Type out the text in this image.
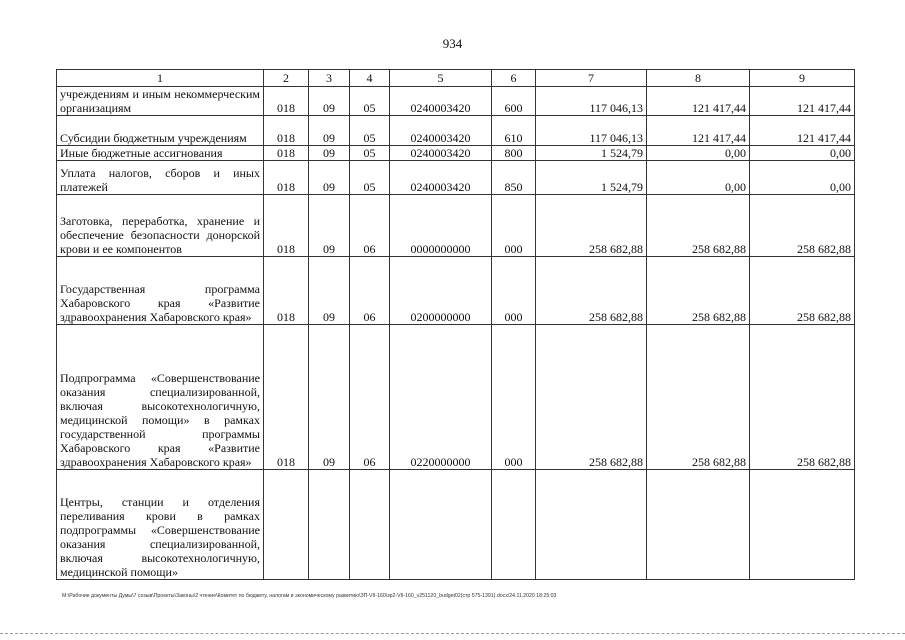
934
1	2	3	4	5	6	7	8	9
учреждениям и иным некоммерческим организациям	018	09	05	0240003420	600	117 046,13	121 417,44	121 417,44
Субсидии бюджетным учреждениям	018	09	05	0240003420	610	117 046,13	121 417,44	121 417,44
Иные бюджетные ассигнования	018	09	05	0240003420	800	1 524,79	0,00	0,00
Уплата налогов, сборов и иных платежей	018	09	05	0240003420	850	1 524,79	0,00	0,00
Заготовка, переработка, хранение и обеспечение безопасности донорской крови и ее компонентов	018	09	06	0000000000	000	258 682,88	258 682,88	258 682,88
Государственная программа Хабаровского края «Развитие здравоохранения Хабаровского края»	018	09	06	0200000000	000	258 682,88	258 682,88	258 682,88
Подпрограмма «Совершенствование оказания специализированной, включая высокотехнологичную, медицинской помощи» в рамках государственной программы Хабаровского края «Развитие здравоохранения Хабаровского края»	018	09	06	0220000000	000	258 682,88	258 682,88	258 682,88
Центры, станции и отделения переливания крови в рамках подпрограммы «Совершенствование оказания специализированной, включая высокотехнологичную, медицинской помощи»								
M:\Рабочие документы Думы\7 созыв\Проекты\Законы\2 чтение\Комитет по бюджету, налогам и экономическому развитию\ЗП-VII-160\зр2-VII-160_v251120_budget02(стр 575-1391).docx/24.11.2020 18:25:03
